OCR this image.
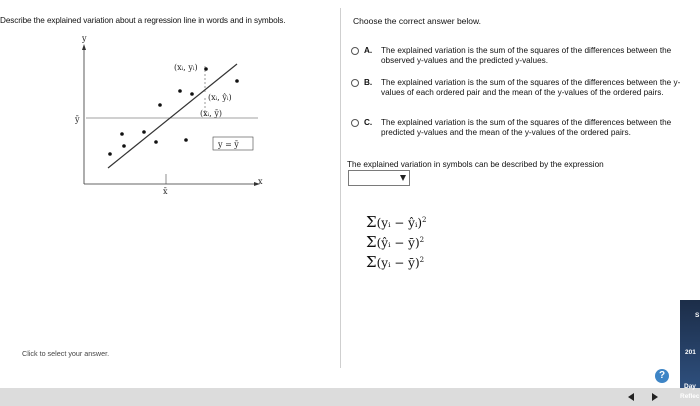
Describe the explained variation about a regression line in words and in symbols.
y
x
ȳ
x̄
(xᵢ, yᵢ)
(xᵢ, ŷᵢ)
(xᵢ, ȳ)
y = ȳ
Choose the correct answer below.
A. The explained variation is the sum of the squares of the differences between the observed y-values and the predicted y-values.
B. The explained variation is the sum of the squares of the differences between the y-values of each ordered pair and the mean of the y-values of the ordered pairs.
C. The explained variation is the sum of the squares of the differences between the predicted y-values and the mean of the y-values of the ordered pairs.
The explained variation in symbols can be described by the expression
Σ(yᵢ − ŷᵢ)$^2$
Σ(ŷᵢ − ȳ)$^2$
Σ(yᵢ − ȳ)$^2$
Click to select your answer.
S
201
?
Day
Reflec
